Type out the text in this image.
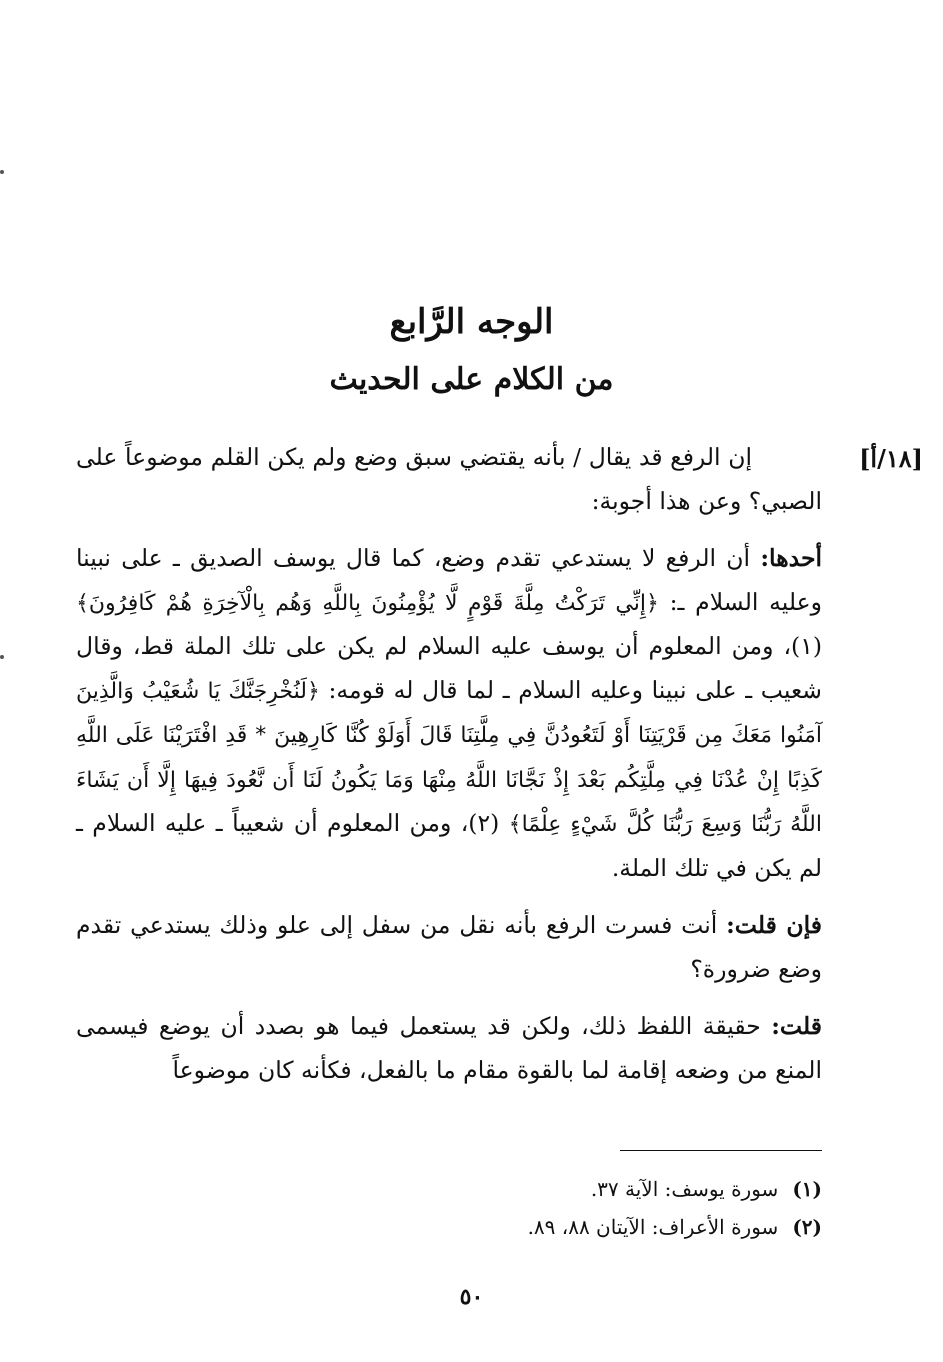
الوجه الرَّابع
من الكلام على الحديث
[١٨/أ]

إن الرفع قد يقال / بأنه يقتضي سبق وضع ولم يكن القلم موضوعاً على الصبي؟ وعن هذا أجوبة:

أحدها: أن الرفع لا يستدعي تقدم وضع، كما قال يوسف الصديق ـ على نبينا وعليه السلام ـ: ﴿إِنِّي تَرَكْتُ مِلَّةَ قَوْمٍ لَّا يُؤْمِنُونَ بِاللَّهِ وَهُم بِالْآخِرَةِ هُمْ كَافِرُونَ﴾ (١)، ومن المعلوم أن يوسف عليه السلام لم يكن على تلك الملة قط، وقال شعيب ـ على نبينا وعليه السلام ـ لما قال له قومه: ﴿لَنُخْرِجَنَّكَ يَا شُعَيْبُ وَالَّذِينَ آمَنُوا مَعَكَ مِن قَرْيَتِنَا أَوْ لَتَعُودُنَّ فِي مِلَّتِنَا قَالَ أَوَلَوْ كُنَّا كَارِهِينَ * قَدِ افْتَرَيْنَا عَلَى اللَّهِ كَذِبًا إِنْ عُدْنَا فِي مِلَّتِكُم بَعْدَ إِذْ نَجَّانَا اللَّهُ مِنْهَا وَمَا يَكُونُ لَنَا أَن نَّعُودَ فِيهَا إِلَّا أَن يَشَاءَ اللَّهُ رَبُّنَا وَسِعَ رَبُّنَا كُلَّ شَيْءٍ عِلْمًا﴾ (٢)، ومن المعلوم أن شعيباً ـ عليه السلام ـ لم يكن في تلك الملة.

فإن قلت: أنت فسرت الرفع بأنه نقل من سفل إلى علو وذلك يستدعي تقدم وضع ضرورة؟

قلت: حقيقة اللفظ ذلك، ولكن قد يستعمل فيما هو بصدد أن يوضع فيسمى المنع من وضعه إقامة لما بالقوة مقام ما بالفعل، فكأنه كان موضوعاً

(١)سورة يوسف: الآية ٣٧.

(٢)سورة الأعراف: الآيتان ٨٨، ٨٩.

٥٠
